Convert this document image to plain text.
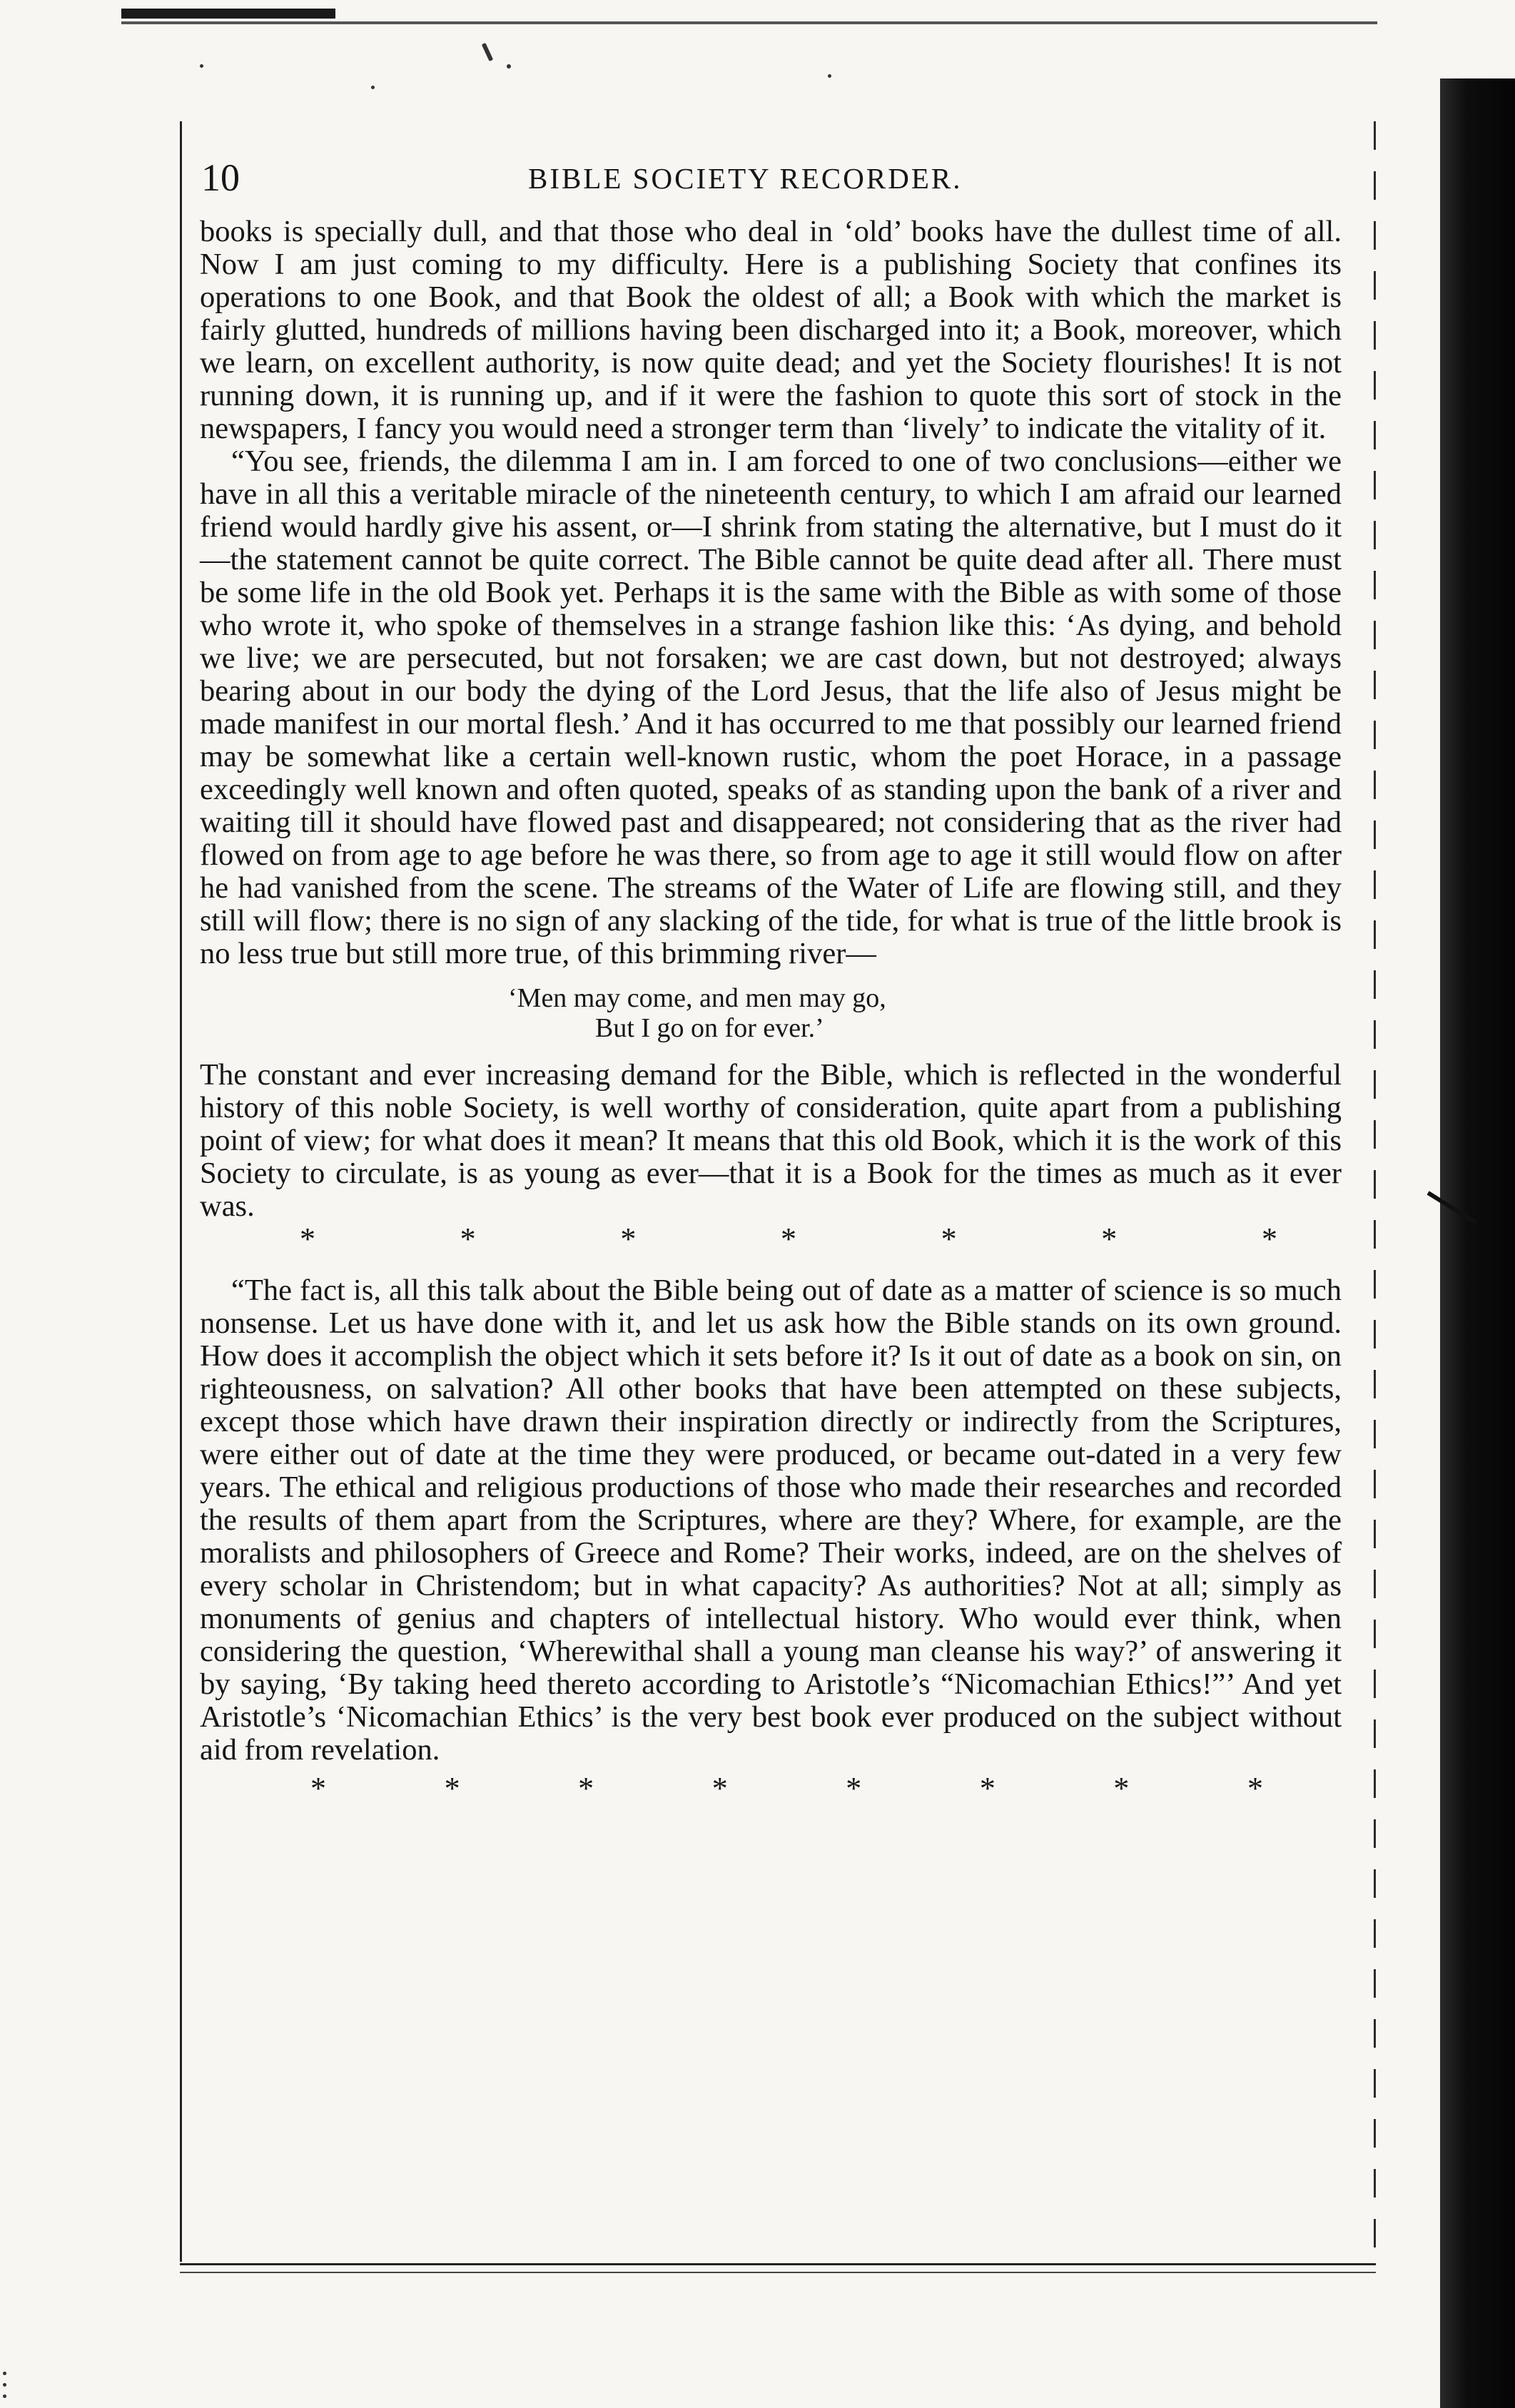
10	BIBLE SOCIETY RECORDER.

books is specially dull, and that those who deal in ‘old’ books have the dullest time of all. Now I am just coming to my difficulty. Here is a publishing Society that confines its operations to one Book, and that Book the oldest of all; a Book with which the market is fairly glutted, hundreds of millions having been discharged into it; a Book, moreover, which we learn, on excellent authority, is now quite dead; and yet the Society flourishes! It is not running down, it is running up, and if it were the fashion to quote this sort of stock in the newspapers, I fancy you would need a stronger term than ‘lively’ to indicate the vitality of it.

“You see, friends, the dilemma I am in. I am forced to one of two conclusions—either we have in all this a veritable miracle of the nineteenth century, to which I am afraid our learned friend would hardly give his assent, or—I shrink from stating the alternative, but I must do it—the statement cannot be quite correct. The Bible cannot be quite dead after all. There must be some life in the old Book yet. Perhaps it is the same with the Bible as with some of those who wrote it, who spoke of themselves in a strange fashion like this: ‘As dying, and behold we live; we are persecuted, but not forsaken; we are cast down, but not destroyed; always bearing about in our body the dying of the Lord Jesus, that the life also of Jesus might be made manifest in our mortal flesh.’ And it has occurred to me that possibly our learned friend may be somewhat like a certain well-known rustic, whom the poet Horace, in a passage exceedingly well known and often quoted, speaks of as standing upon the bank of a river and waiting till it should have flowed past and disappeared; not considering that as the river had flowed on from age to age before he was there, so from age to age it still would flow on after he had vanished from the scene. The streams of the Water of Life are flowing still, and they still will flow; there is no sign of any slacking of the tide, for what is true of the little brook is no less true but still more true, of this brimming river—

‘Men may come, and men may go,
But I go on for ever.’

The constant and ever increasing demand for the Bible, which is reflected in the wonderful history of this noble Society, is well worthy of consideration, quite apart from a publishing point of view; for what does it mean? It means that this old Book, which it is the work of this Society to circulate, is as young as ever—that it is a Book for the times as much as it ever was.

*	*	*	*	*	*	*

“The fact is, all this talk about the Bible being out of date as a matter of science is so much nonsense. Let us have done with it, and let us ask how the Bible stands on its own ground. How does it accomplish the object which it sets before it? Is it out of date as a book on sin, on righteousness, on salvation? All other books that have been attempted on these subjects, except those which have drawn their inspiration directly or indirectly from the Scriptures, were either out of date at the time they were produced, or became out-dated in a very few years. The ethical and religious productions of those who made their researches and recorded the results of them apart from the Scriptures, where are they? Where, for example, are the moralists and philosophers of Greece and Rome? Their works, indeed, are on the shelves of every scholar in Christendom; but in what capacity? As authorities? Not at all; simply as monuments of genius and chapters of intellectual history. Who would ever think, when considering the question, ‘Wherewithal shall a young man cleanse his way?’ of answering it by saying, ‘By taking heed thereto according to Aristotle’s “Nicomachian Ethics!”’ And yet Aristotle’s ‘Nicomachian Ethics’ is the very best book ever produced on the subject without aid from revelation.

*	*	*	*	*	*	*	*
